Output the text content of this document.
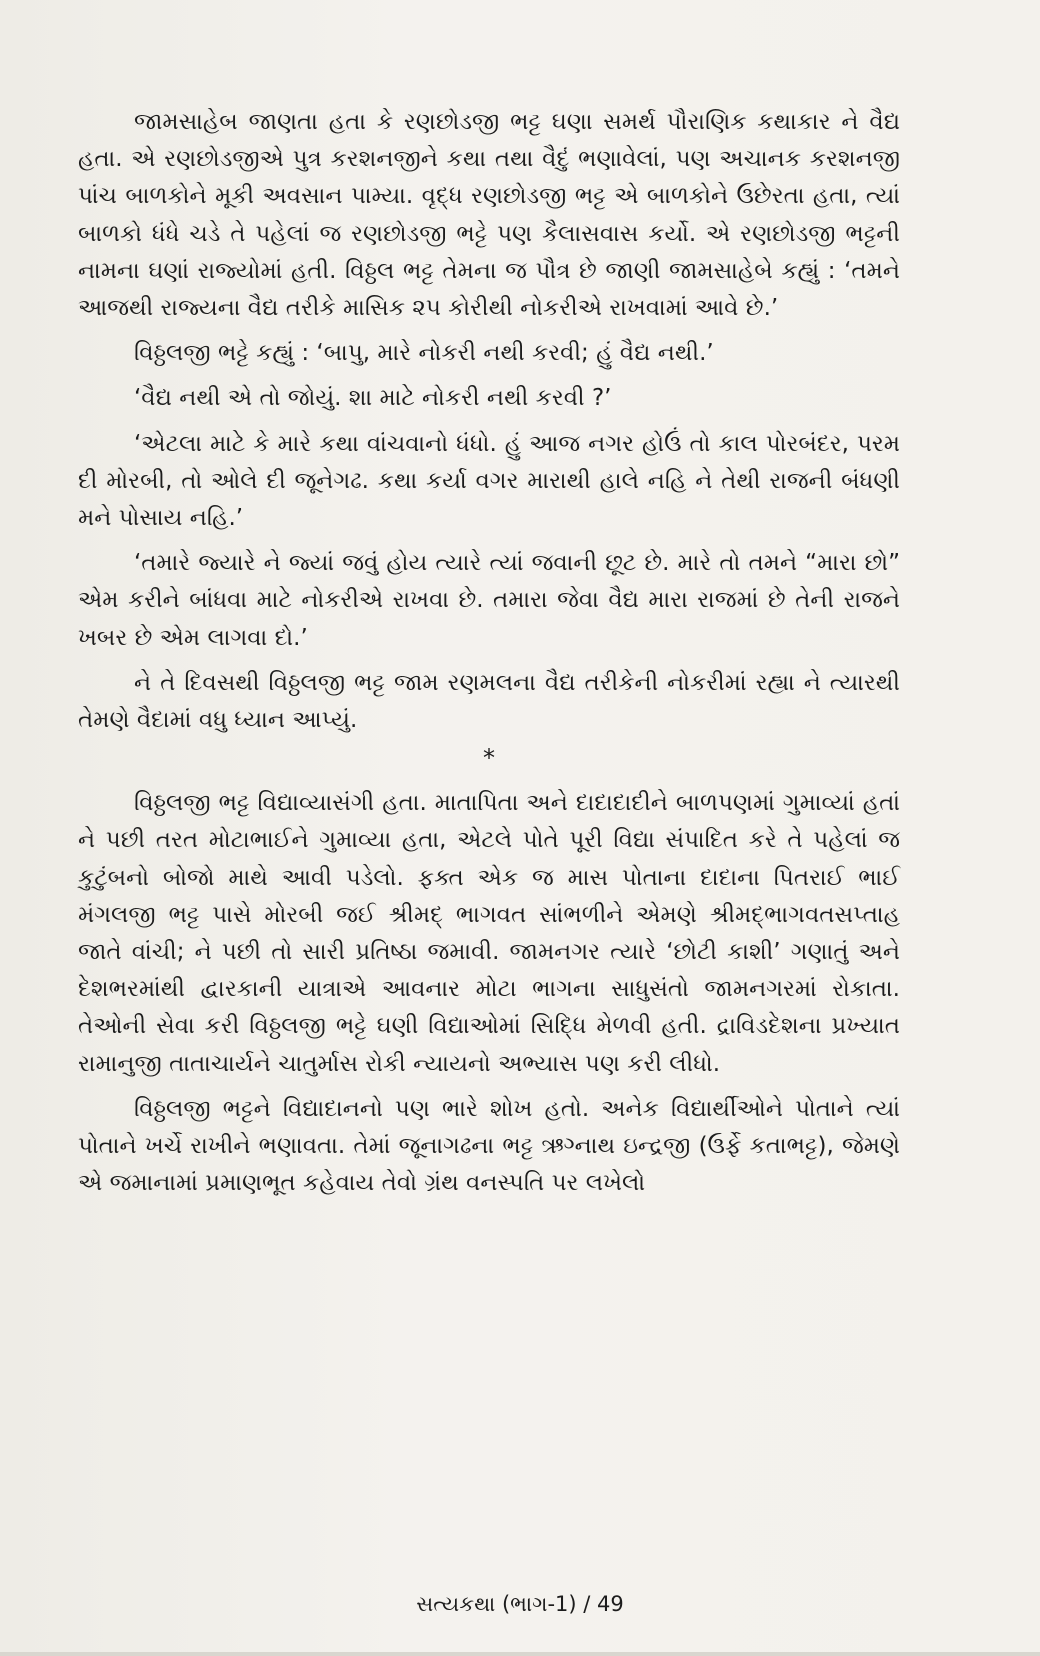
જામસાહેબ જાણતા હતા કે રણછોડજી ભટ્ટ ઘણા સમર્થ પૌરાણિક કથાકાર ને વૈદ્ય હતા. એ રણછોડજીએ પુત્ર કરશનજીને કથા તથા વૈદું ભણાવેલાં, પણ અચાનક કરશનજી પાંચ બાળકોને મૂકી અવસાન પામ્યા. વૃદ્ધ રણછોડજી ભટ્ટ એ બાળકોને ઉછેરતા હતા, ત્યાં બાળકો ધંધે ચડે તે પહેલાં જ રણછોડજી ભટ્ટે પણ કૈલાસવાસ કર્યો. એ રણછોડજી ભટ્ટની નામના ઘણાં રાજ્યોમાં હતી. વિઠ્ઠલ ભટ્ટ તેમના જ પૌત્ર છે જાણી જામસાહેબે કહ્યું : ‘તમને આજથી રાજ્યના વૈદ્ય તરીકે માસિક ૨૫ કોરીથી નોકરીએ રાખવામાં આવે છે.’

વિઠ્ઠલજી ભટ્ટે કહ્યું : ‘બાપુ, મારે નોકરી નથી કરવી; હું વૈદ્ય નથી.’

‘વૈદ્ય નથી એ તો જોયું. શા માટે નોકરી નથી કરવી ?’

‘એટલા માટે કે મારે કથા વાંચવાનો ધંધો. હું આજ નગર હોઉં તો કાલ પોરબંદર, પરમ દી મોરબી, તો ઓલે દી જૂનેગઢ. કથા કર્યા વગર મારાથી હાલે નહિ ને તેથી રાજની બંધણી મને પોસાય નહિ.’

‘તમારે જ્યારે ને જ્યાં જવું હોય ત્યારે ત્યાં જવાની છૂટ છે. મારે તો તમને “મારા છો” એમ કરીને બાંધવા માટે નોકરીએ રાખવા છે. તમારા જેવા વૈદ્ય મારા રાજમાં છે તેની રાજને ખબર છે એમ લાગવા દો.’

ને તે દિવસથી વિઠ્ઠલજી ભટ્ટ જામ રણમલના વૈદ્ય તરીકેની નોકરીમાં રહ્યા ને ત્યારથી તેમણે વૈદામાં વધુ ધ્યાન આપ્યું.

*

વિઠ્ઠલજી ભટ્ટ વિદ્યાવ્યાસંગી હતા. માતાપિતા અને દાદાદાદીને બાળપણમાં ગુમાવ્યાં હતાં ને પછી તરત મોટાભાઈને ગુમાવ્યા હતા, એટલે પોતે પૂરી વિદ્યા સંપાદિત કરે તે પહેલાં જ કુટુંબનો બોજો માથે આવી પડેલો. ફક્ત એક જ માસ પોતાના દાદાના પિતરાઈ ભાઈ મંગલજી ભટ્ટ પાસે મોરબી જઈ શ્રીમદ્ ભાગવત સાંભળીને એમણે શ્રીમદ્ભાગવતસપ્તાહ જાતે વાંચી; ને પછી તો સારી પ્રતિષ્ઠા જમાવી. જામનગર ત્યારે ‘છોટી કાશી’ ગણાતું અને દેશભરમાંથી દ્વારકાની યાત્રાએ આવનાર મોટા ભાગના સાધુસંતો જામનગરમાં રોકાતા. તેઓની સેવા કરી વિઠ્ઠલજી ભટ્ટે ઘણી વિદ્યાઓમાં સિદ્ધિ મેળવી હતી. દ્રાવિડદેશના પ્રખ્યાત રામાનુજી તાતાચાર્યને ચાતુર્માસ રોકી ન્યાયનો અભ્યાસ પણ કરી લીધો.

વિઠ્ઠલજી ભટ્ટને વિદ્યાદાનનો પણ ભારે શોખ હતો. અનેક વિદ્યાર્થીઓને પોતાને ત્યાં પોતાને ખર્ચે રાખીને ભણાવતા. તેમાં જૂનાગઢના ભટ્ટ ઋગ્નાથ ઇન્દ્રજી (ઉર્ફે કતાભટ્ટ), જેમણે એ જમાનામાં પ્રમાણભૂત કહેવાય તેવો ગ્રંથ વનસ્પતિ પર લખેલો

સત્યકથા (ભાગ-1) / 49
